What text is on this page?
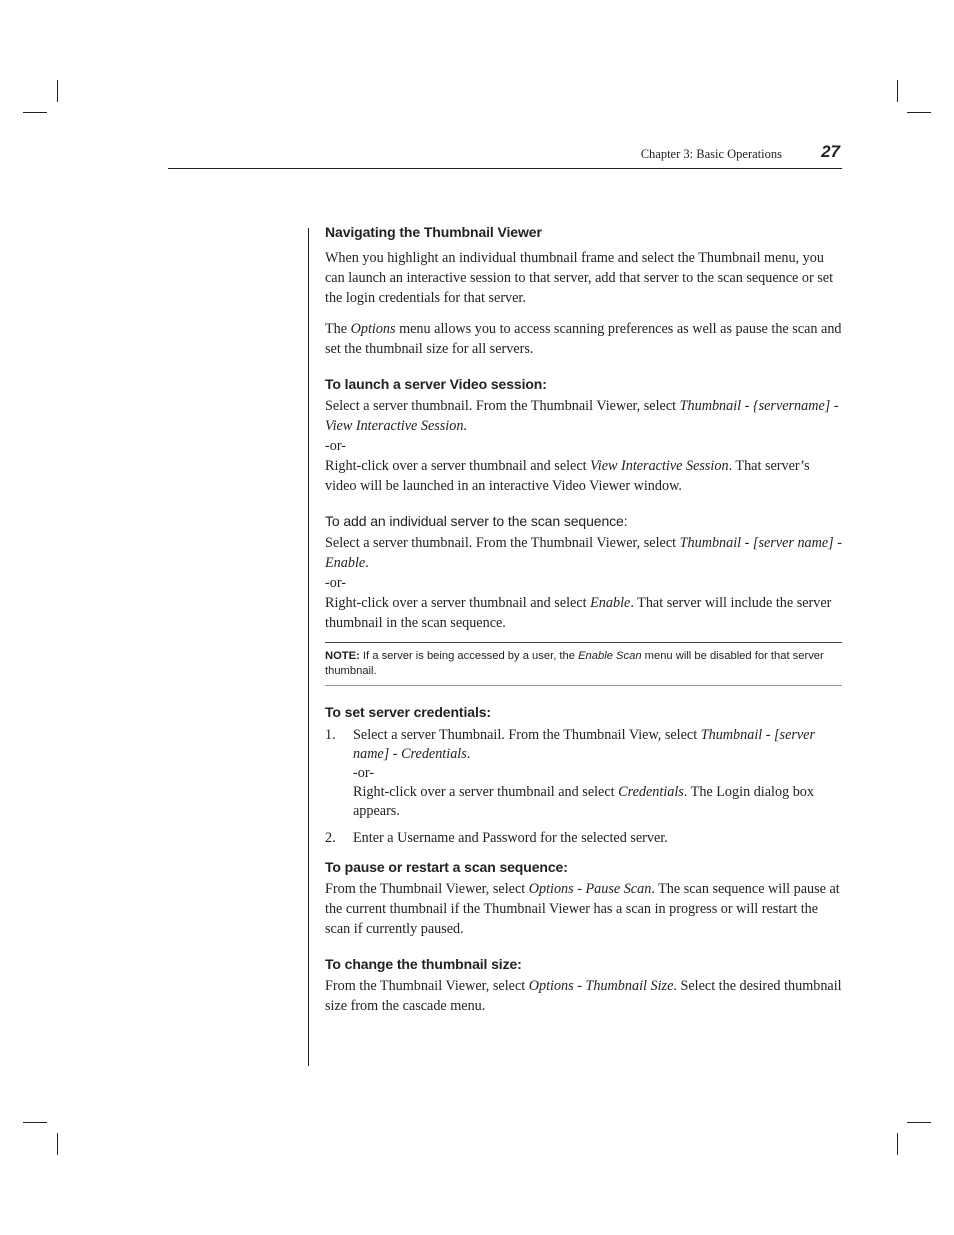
Chapter 3: Basic Operations 27
Navigating the Thumbnail Viewer

When you highlight an individual thumbnail frame and select the Thumbnail menu, you can launch an interactive session to that server, add that server to the scan sequence or set the login credentials for that server.

The Options menu allows you to access scanning preferences as well as pause the scan and set the thumbnail size for all servers.

To launch a server Video session:

Select a server thumbnail. From the Thumbnail Viewer, select Thumbnail - {servername] - View Interactive Session.

-or-

Right-click over a server thumbnail and select View Interactive Session. That server’s video will be launched in an interactive Video Viewer window.

To add an individual server to the scan sequence:

Select a server thumbnail. From the Thumbnail Viewer, select Thumbnail - [server name] - Enable.

-or-

Right-click over a server thumbnail and select Enable. That server will include the server thumbnail in the scan sequence.

NOTE: If a server is being accessed by a user, the Enable Scan menu will be disabled for that server thumbnail.
To set server credentials:
1. Select a server Thumbnail. From the Thumbnail View, select Thumbnail - [server name] - Credentials.
-or-
Right-click over a server thumbnail and select Credentials. The Login dialog box appears.
2. Enter a Username and Password for the selected server.
To pause or restart a scan sequence:

From the Thumbnail Viewer, select Options - Pause Scan. The scan sequence will pause at the current thumbnail if the Thumbnail Viewer has a scan in progress or will restart the scan if currently paused.

To change the thumbnail size:

From the Thumbnail Viewer, select Options - Thumbnail Size. Select the desired thumbnail size from the cascade menu.
